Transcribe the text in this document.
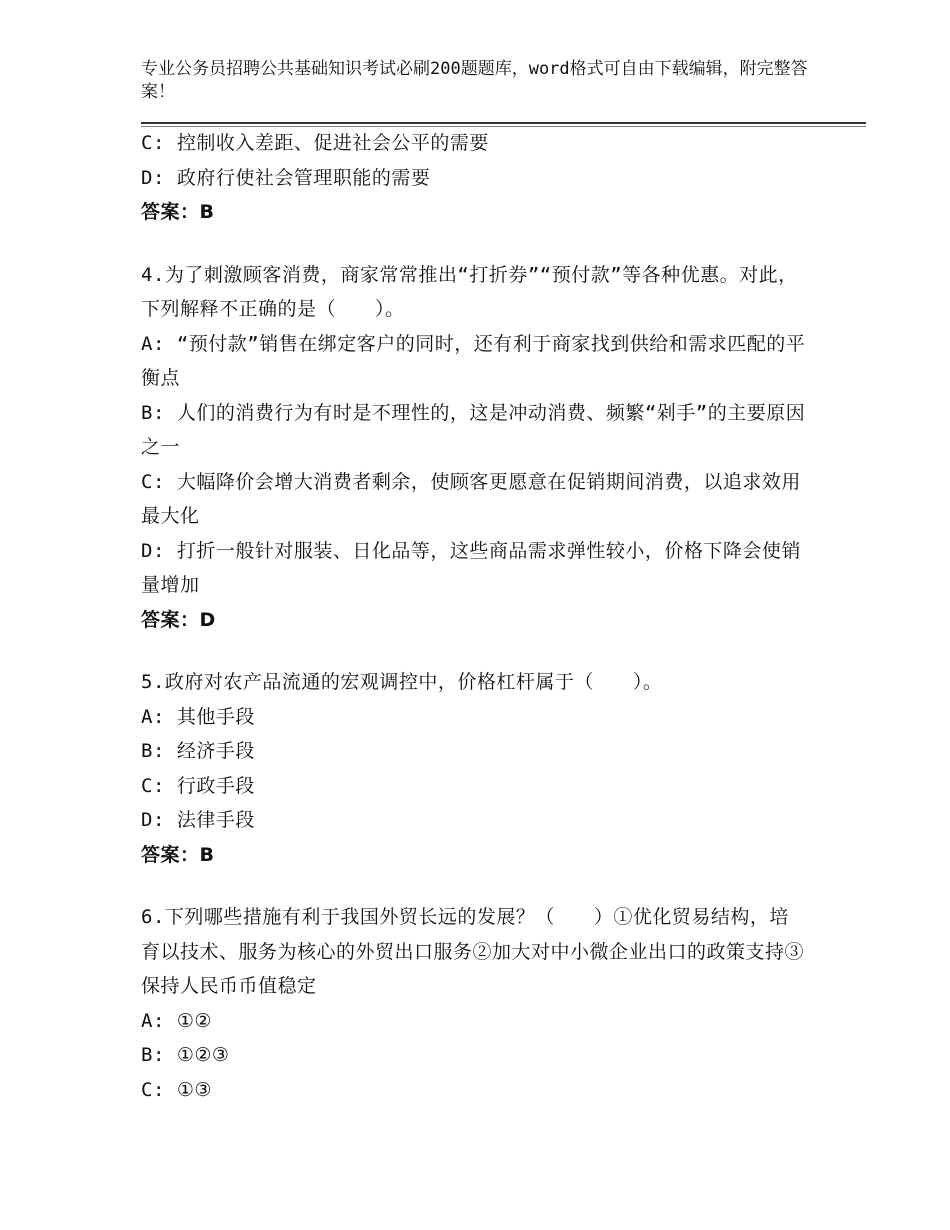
专业公务员招聘公共基础知识考试必刷200题题库，word格式可自由下载编辑，附完整答案！

C: 控制收入差距、促进社会公平的需要

D: 政府行使社会管理职能的需要

答案：B

4.为了刺激顾客消费，商家常常推出“打折券”“预付款”等各种优惠。对此，下列解释不正确的是（　　）。

A: “预付款”销售在绑定客户的同时，还有利于商家找到供给和需求匹配的平衡点

B: 人们的消费行为有时是不理性的，这是冲动消费、频繁“剁手”的主要原因之一

C: 大幅降价会增大消费者剩余，使顾客更愿意在促销期间消费，以追求效用最大化

D: 打折一般针对服装、日化品等，这些商品需求弹性较小，价格下降会使销量增加

答案：D

5.政府对农产品流通的宏观调控中，价格杠杆属于（　　）。

A: 其他手段

B: 经济手段

C: 行政手段

D: 法律手段

答案：B

6.下列哪些措施有利于我国外贸长远的发展？（　　）①优化贸易结构，培育以技术、服务为核心的外贸出口服务②加大对中小微企业出口的政策支持③保持人民币币值稳定

A: ①②

B: ①②③

C: ①③
